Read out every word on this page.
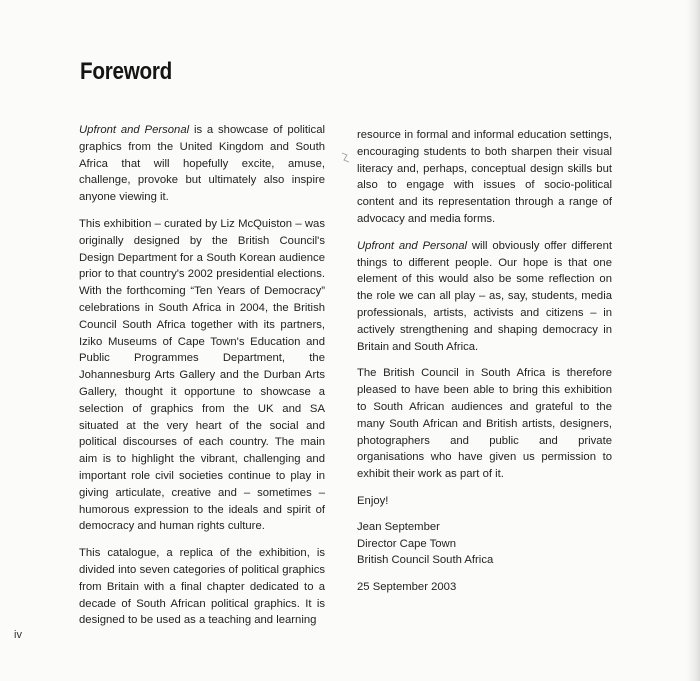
Foreword

Upfront and Personal is a showcase of political graphics from the United Kingdom and South Africa that will hopefully excite, amuse, challenge, provoke but ultimately also inspire anyone viewing it.

This exhibition – curated by Liz McQuiston – was originally designed by the British Council's Design Department for a South Korean audience prior to that country's 2002 presidential elections. With the forthcoming “Ten Years of Democracy” celebrations in South Africa in 2004, the British Council South Africa together with its partners, Iziko Museums of Cape Town's Education and Public Programmes Department, the Johannesburg Arts Gallery and the Durban Arts Gallery, thought it opportune to showcase a selection of graphics from the UK and SA situated at the very heart of the social and political discourses of each country. The main aim is to highlight the vibrant, challenging and important role civil societies continue to play in giving articulate, creative and – sometimes – humorous expression to the ideals and spirit of democracy and human rights culture.

This catalogue, a replica of the exhibition, is divided into seven categories of political graphics from Britain with a final chapter dedicated to a decade of South African political graphics. It is designed to be used as a teaching and learning

resource in formal and informal education settings, encouraging students to both sharpen their visual literacy and, perhaps, conceptual design skills but also to engage with issues of socio-political content and its representation through a range of advocacy and media forms.

Upfront and Personal will obviously offer different things to different people. Our hope is that one element of this would also be some reflection on the role we can all play – as, say, students, media professionals, artists, activists and citizens – in actively strengthening and shaping democracy in Britain and South Africa.

The British Council in South Africa is therefore pleased to have been able to bring this exhibition to South African audiences and grateful to the many South African and British artists, designers, photographers and public and private organisations who have given us permission to exhibit their work as part of it.

Enjoy!

Jean September
Director Cape Town
British Council South Africa

25 September 2003

iv
